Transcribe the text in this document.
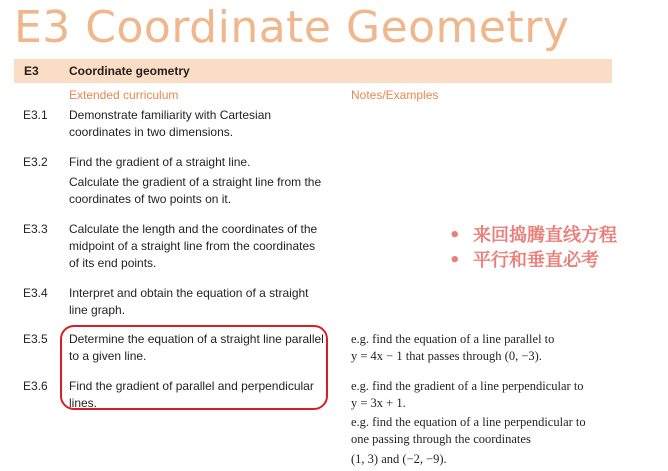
E3 Coordinate Geometry
E3	Coordinate geometry
Extended curriculum	Notes/Examples
E3.1 Demonstrate familiarity with Cartesian
coordinates in two dimensions.
E3.2 Find the gradient of a straight line.
Calculate the gradient of a straight line from the
coordinates of two points on it.
E3.3 Calculate the length and the coordinates of the
midpoint of a straight line from the coordinates
of its end points.
E3.4 Interpret and obtain the equation of a straight
line graph.
E3.5 Determine the equation of a straight line parallel
to a given line.
e.g. find the equation of a line parallel to
y = 4x − 1 that passes through (0, −3).
E3.6 Find the gradient of parallel and perpendicular
lines.
e.g. find the gradient of a line perpendicular to
y = 3x + 1.
e.g. find the equation of a line perpendicular to
one passing through the coordinates
(1, 3) and (−2, −9).
• 来回捣腾直线方程
• 平行和垂直必考
